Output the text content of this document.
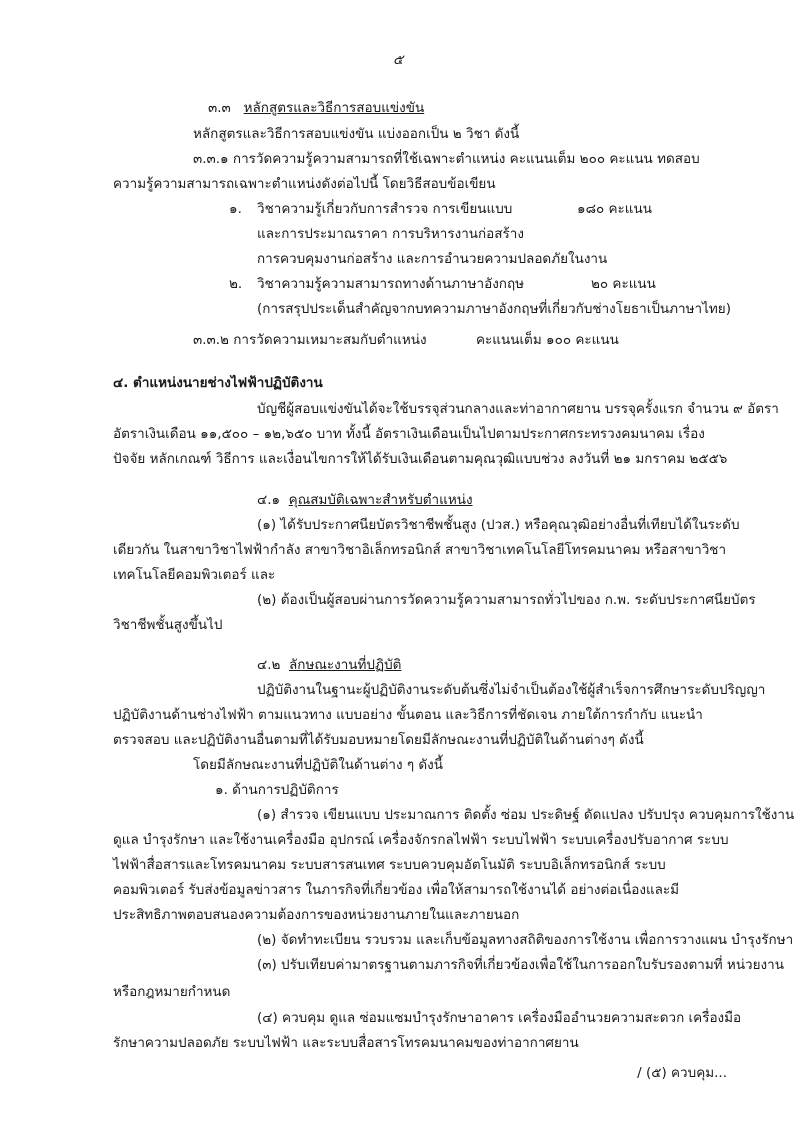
๕
๓.๓ หลักสูตรและวิธีการสอบแข่งขัน
หลักสูตรและวิธีการสอบแข่งขัน แบ่งออกเป็น ๒ วิชา ดังนี้
๓.๓.๑ การวัดความรู้ความสามารถที่ใช้เฉพาะตำแหน่ง คะแนนเต็ม ๒๐๐ คะแนน ทดสอบ
ความรู้ความสามารถเฉพาะตำแหน่งดังต่อไปนี้ โดยวิธีสอบข้อเขียน
๑. วิชาความรู้เกี่ยวกับการสำรวจ การเขียนแบบ	๑๘๐ คะแนน
และการประมาณราคา การบริหารงานก่อสร้าง
การควบคุมงานก่อสร้าง และการอำนวยความปลอดภัยในงาน
๒. วิชาความรู้ความสามารถทางด้านภาษาอังกฤษ	๒๐ คะแนน
(การสรุปประเด็นสำคัญจากบทความภาษาอังกฤษที่เกี่ยวกับช่างโยธาเป็นภาษาไทย)
๓.๓.๒ การวัดความเหมาะสมกับตำแหน่ง	คะแนนเต็ม ๑๐๐ คะแนน
๔. ตำแหน่งนายช่างไฟฟ้าปฏิบัติงาน
บัญชีผู้สอบแข่งขันได้จะใช้บรรจุส่วนกลางและท่าอากาศยาน บรรจุครั้งแรก จำนวน ๙ อัตรา
อัตราเงินเดือน ๑๑,๕๐๐ – ๑๒,๖๕๐ บาท ทั้งนี้ อัตราเงินเดือนเป็นไปตามประกาศกระทรวงคมนาคม เรื่อง
ปัจจัย หลักเกณฑ์ วิธีการ และเงื่อนไขการให้ได้รับเงินเดือนตามคุณวุฒิแบบช่วง ลงวันที่ ๒๑ มกราคม ๒๕๕๖
๔.๑ คุณสมบัติเฉพาะสำหรับตำแหน่ง
(๑) ได้รับประกาศนียบัตรวิชาชีพชั้นสูง (ปวส.) หรือคุณวุฒิอย่างอื่นที่เทียบได้ในระดับ
เดียวกัน ในสาขาวิชาไฟฟ้ากำลัง สาขาวิชาอิเล็กทรอนิกส์ สาขาวิชาเทคโนโลยีโทรคมนาคม หรือสาขาวิชา
เทคโนโลยีคอมพิวเตอร์ และ
(๒) ต้องเป็นผู้สอบผ่านการวัดความรู้ความสามารถทั่วไปของ ก.พ. ระดับประกาศนียบัตร
วิชาชีพชั้นสูงขึ้นไป
๔.๒ ลักษณะงานที่ปฏิบัติ
ปฏิบัติงานในฐานะผู้ปฏิบัติงานระดับต้นซึ่งไม่จำเป็นต้องใช้ผู้สำเร็จการศึกษาระดับปริญญา
ปฏิบัติงานด้านช่างไฟฟ้า ตามแนวทาง แบบอย่าง ขั้นตอน และวิธีการที่ชัดเจน ภายใต้การกำกับ แนะนำ
ตรวจสอบ และปฏิบัติงานอื่นตามที่ได้รับมอบหมายโดยมีลักษณะงานที่ปฏิบัติในด้านต่างๆ ดังนี้
โดยมีลักษณะงานที่ปฏิบัติในด้านต่าง ๆ ดังนี้
๑. ด้านการปฏิบัติการ
(๑) สำรวจ เขียนแบบ ประมาณการ ติดตั้ง ซ่อม ประดิษฐ์ ดัดแปลง ปรับปรุง ควบคุมการใช้งาน
ดูแล บำรุงรักษา และใช้งานเครื่องมือ อุปกรณ์ เครื่องจักรกลไฟฟ้า ระบบไฟฟ้า ระบบเครื่องปรับอากาศ ระบบ
ไฟฟ้าสื่อสารและโทรคมนาคม ระบบสารสนเทศ ระบบควบคุมอัตโนมัติ ระบบอิเล็กทรอนิกส์ ระบบ
คอมพิวเตอร์ รับส่งข้อมูลข่าวสาร ในภารกิจที่เกี่ยวข้อง เพื่อให้สามารถใช้งานได้ อย่างต่อเนื่องและมี
ประสิทธิภาพตอบสนองความต้องการของหน่วยงานภายในและภายนอก
(๒) จัดทำทะเบียน รวบรวม และเก็บข้อมูลทางสถิติของการใช้งาน เพื่อการวางแผน บำรุงรักษา
(๓) ปรับเทียบค่ามาตรฐานตามภารกิจที่เกี่ยวข้องเพื่อใช้ในการออกใบรับรองตามที่ หน่วยงาน
หรือกฎหมายกำหนด
(๔) ควบคุม ดูแล ซ่อมแซมบำรุงรักษาอาคาร เครื่องมืออำนวยความสะดวก เครื่องมือ
รักษาความปลอดภัย ระบบไฟฟ้า และระบบสื่อสารโทรคมนาคมของท่าอากาศยาน
/ (๕) ควบคุม...
